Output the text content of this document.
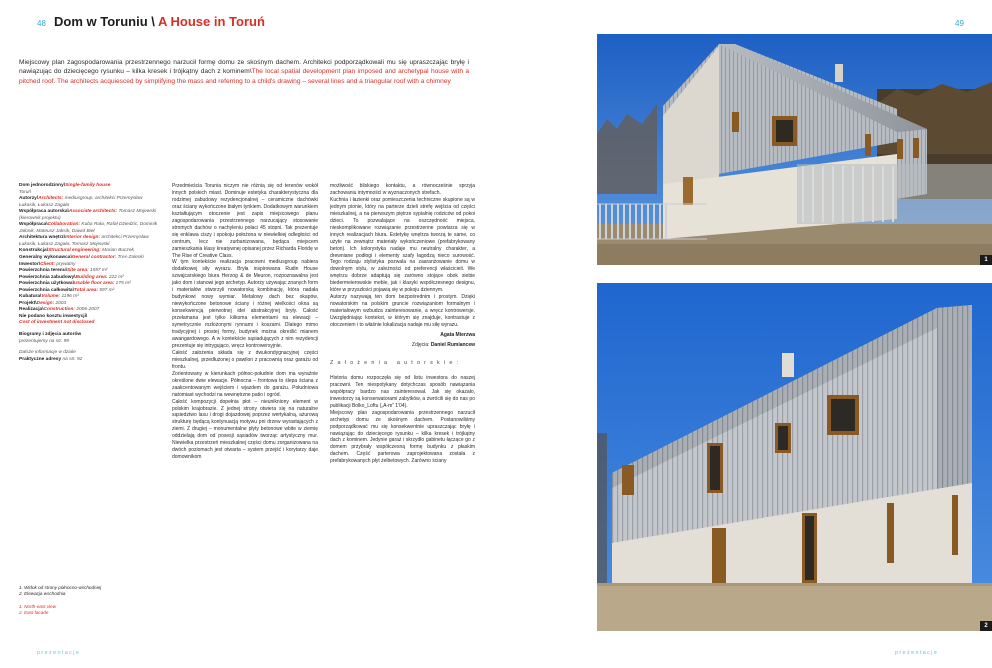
48	49
Dom w Toruniu \ A House in Toruń
Miejscowy plan zagospodarowania przestrzennego narzucił formę domu ze skośnym dachem. Architekci podporządkowali mu się upraszczając bryłę i nawiązując do dziecięcego rysunku – kilka kresek i trójkątny dach z kominem\The local spatial development plan imposed and archetypal house with a pitched roof. The architects acquiesced by simplifying the mass and referring to a child's drawing – several lines and a triangular roof with a chimney
Dom jednorodzinny\Single-family house
Toruń
Autorzy\Architects: mediusgroup, architekci Przemysław Łukasik, Łukasz Zagała
Współpraca autorska\Associate architects: Tomasz Mojewski (kierownik projektu)
Współpraca\Collaboration: Kuba Ruła, Rafał Dziedzic, Dominik Jałosik, Mateusz Jaksik, Dawid Bieł
Architektura wnętrz\Interior design: architekci Przemysław Łukasik, Łukasz Zagała, Tomasz Mojewski
Konstrukcja\Structural engineering: Marian Buczek
Generalny wykonawca\General contractor: Trex-Zaleski
Inwestor\Client: prywatny
Powierzchnia terenu\Site area: 1557 m²
Powierzchnia zabudowy\Building area: 222 m²
Powierzchnia użytkowa\Usable floor area: 275 m²
Powierzchnia całkowita\Total area: 597 m²
Kubatura\Volume: 1196 m³
Projekt\Design: 2003
Realizacja\Construction: 2006-2007
Nie podano kosztu inwestycji\
Cost of investment not disclosed
Biogramy i zdjęcia autorów
prezentujemy na str. 99
Dalsze informacje w dziale
Praktyczne adresy na str. 92
1. Widok od strony północno-wschodniej
2. Elewacja wschodnia
1. North-east view
2. East facade

Przedmieścia Torunia niczym nie różnią się od terenów wokół innych polskich miast. Dominuje estetyka charakterystyczna dla rodzimej zabudowy rezydencjonalnej – ceramiczne dachówki oraz ściany wykończone białym tynkiem. Dodatkowym warunkiem kształtującym otoczenie jest zapis miejscowego planu zagospodarowania przestrzennego narzucający stosowanie stromych dachów o nachyleniu połaci 45 stopni. Tak prezentuje się enklawa ciszy i spokoju położona w niewielkiej odległości od centrum, lecz nie zurbanizowana, będąca miejscem zamieszkania klasy kreatywnej opisanej przez Richarda Floridę w The Rise of Creative Class.

W tym kontekście realizacja pracowni mediusgroup nabiera dodatkowej siły wyrazu. Bryła inspirowana Rudin House szwajcarskiego biura Herzog & de Meuron, rozpoznawalna jest jako dom i stanowi jego archetyp. Autorzy używając znanych form i materiałów stworzyli nowatorską kombinację, która nadała budynkowi nowy wymiar. Metalowy dach bez okapów, niewykończone betonowe ściany i różnej wielkości okna są konsekwencją pierwotnej idei abstrakcyjnej bryły. Całość przełamana jest tylko kilkoma elementami na elewacji – symetrycznie rozłożonymi rynnami i koszami. Dlatego mimo tradycyjnej i prostej formy, budynek można określić mianem awangardowego. A w kontekście sąsiadujących z nim rezydencji prezentuje się intrygująco, wręcz kontrowersyjnie.

Całość założenia składa się z dwukondygnacyjnej części mieszkalnej, przedłużonej o pawilon z pracownią oraz garażu od frontu.

Zorientowany w kierunkach północ-południe dom ma wyraźnie określone dwie elewacje. Północna – frontowa to ślepa ściana z zaakcentowanym wejściem i wjazdem do garażu. Południowa natomiast wychodzi na wewnętrzne patio i ogród.

Całość kompozycji dopełnia płot – nieunikniony element w polskim krajobrazie. Z jednej strony otwiera się na naturalne sąsiedztwo lasu i drogi dojazdowej poprzez wertykalną, ażurową strukturę będącą kontynuacją motywu pni drzew wyrastających z ziemi. Z drugiej – monumentalne płyty betonowe wbite w ziemię oddzielają dom od posesji sąsiadów tworząc artystyczny mur. Niewielka przestrzeń mieszkalnej części domu zorganizowana na dwóch poziomach jest otwarta – system przejść i korytarzy daje domownikom

możliwość bliskiego kontaktu, a równocześnie sprzyja zachowaniu intymności w wyznaczonych strefach.

Kuchnia i łazienki oraz pomieszczenia techniczne skupione są w jednym pionie, który na parterze dzieli strefę wejścia od części mieszkalnej, a na pierwszym piętrze sypialnię rodziców od pokoi dzieci. To pozwalające na oszczędność miejsca, nieskomplikowane rozwiązanie przestrzenne powtarza się w innych realizacjach biura. Estetykę wnętrza tworzą te same, co użyte na zewnątrz materiały wykończeniowe (prefabrykowany beton). Ich kolorystyka nadaje mu neutralny charakter, a drewniane podłogi i elementy szafy łagodzą nieco surowość. Tego rodzaju stylistyka pozwala na zaaranżowanie domu w dowolnym stylu, w zależności od preferencji właścicieli. We wnętrzu dobrze adaptują się zarówno stojące obok siebie biedermeierowskie meble, jak i klasyki współczesnego designu, które w przyszłości pojawią się w pokoju dziennym.

Autorzy nazywają ten dom bezpośrednim i prostym. Dzięki nowatorskim na polskim gruncie rozwiązaniom formalnym i materiałowym wzbudza zainteresowanie, a wręcz kontrowersje. Uwzględniając kontekst, w którym się znajduje, kontrastuje z otoczeniem i to właśnie lokalizacja nadaje mu siłę wyrazu.

Agata Mierzwa
Zdjęcia: Daniel Rumiancew
Założenia autorskie:

Historia domu rozpoczęła się od listu inwestora do naszej pracowni. Ten niespotykany dotychczas sposób nawiązania współpracy bardzo nas zainteresował. Jak się okazało, inwestorzy są konserwatorami zabytków, a zwrócili się do nas po publikacji Bolko_Loftu („A-m” 1'04).

Miejscowy plan zagospodarowania przestrzennego narzucił archetyp domu ze skośnym dachem. Postanowiliśmy podporządkować mu się konsekwentnie upraszczając bryłę i nawiązując do dziecięcego rysunku – kilka kresek i trójkątny dach z kominem. Jedynie garaż i skrzydło gabinetu łączące go z domem przybrały współczesną formę budynku z płaskim dachem. Część parterowa zaprojektowana została z prefabrykowanych płyt żelbetowych. Zarówno ściany

1
2
prezentacje	prezentacje
